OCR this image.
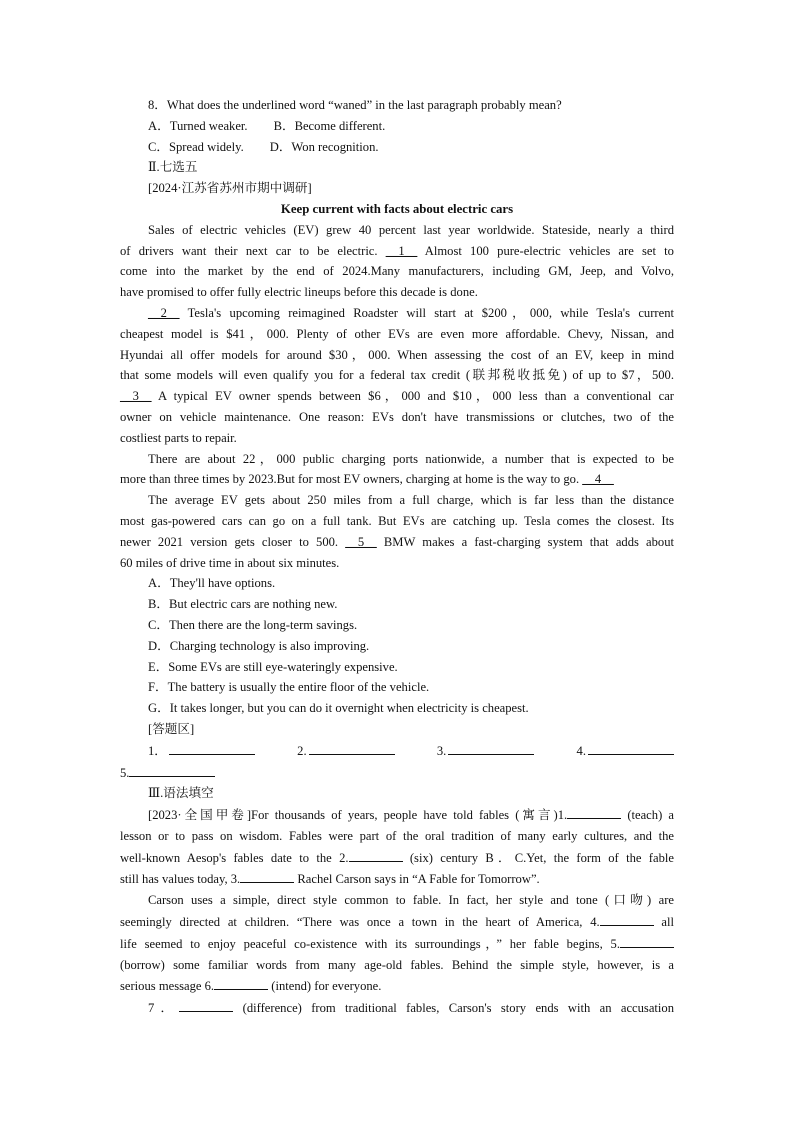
8．What does the underlined word “waned” in the last paragraph probably mean?
A．Turned weaker. B．Become different.
C．Spread widely. D．Won recognition.
Ⅱ.七选五
[2024·江苏省苏州市期中调研]
Keep current with facts about electric cars
Sales of electric vehicles (EV) grew 40 percent last year worldwide. Stateside, nearly a third
of drivers want their next car to be electric. __1__ Almost 100 pure-electric vehicles are set to
come into the market by the end of 2024.Many manufacturers, including GM, Jeep, and Volvo,
have promised to offer fully electric lineups before this decade is done.
__2__ Tesla's upcoming reimagined Roadster will start at $200，000, while Tesla's current
cheapest model is $41，000. Plenty of other EVs are even more affordable. Chevy, Nissan, and
Hyundai all offer models for around $30，000. When assessing the cost of an EV, keep in mind
that some models will even qualify you for a federal tax credit (联邦税收抵免) of up to $7，500.
__3__ A typical EV owner spends between $6，000 and $10，000 less than a conventional car
owner on vehicle maintenance. One reason: EVs don't have transmissions or clutches, two of the
costliest parts to repair.
There are about 22，000 public charging ports nationwide, a number that is expected to be
more than three times by 2023.But for most EV owners, charging at home is the way to go. __4__
The average EV gets about 250 miles from a full charge, which is far less than the distance
most gas-powered cars can go on a full tank. But EVs are catching up. Tesla comes the closest. Its
newer 2021 version gets closer to 500. __5__ BMW makes a fast-charging system that adds about
60 miles of drive time in about six minutes.
A．They'll have options.
B．But electric cars are nothing new.
C．Then there are the long-term savings.
D．Charging technology is also improving.
E．Some EVs are still eye-wateringly expensive.
F．The battery is usually the entire floor of the vehicle.
G．It takes longer, but you can do it overnight when electricity is cheapest.
[答题区]
1．	2.	3.	4.
5.
Ⅲ.语法填空
[2023·全国甲卷]For thousands of years, people have told fables (寓言)1.	(teach) a
lesson or to pass on wisdom. Fables were part of the oral tradition of many early cultures, and the
well-known Aesop's fables date to the 2.	(six) century B．C.Yet, the form of the fable
still has values today, 3.	Rachel Carson says in “A Fable for Tomorrow”.
Carson uses a simple, direct style common to fable. In fact, her style and tone (口吻) are
seemingly directed at children. “There was once a town in the heart of America, 4.	all
life seemed to enjoy peaceful co-existence with its surroundings，” her fable begins, 5.
(borrow) some familiar words from many age-old fables. Behind the simple style, however, is a
serious message 6.	(intend) for everyone.
7．	(difference) from traditional fables, Carson's story ends with an accusation
